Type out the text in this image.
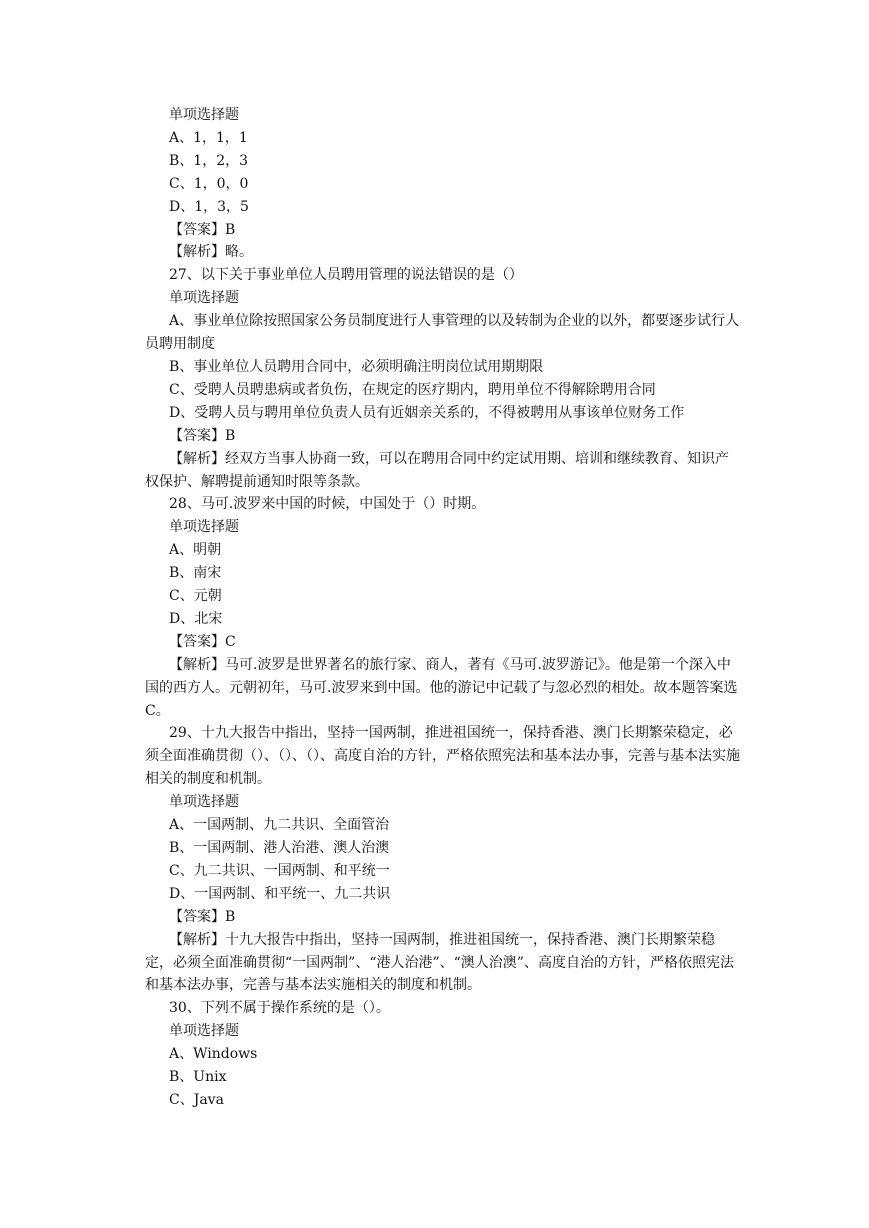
单项选择题

A、1，1，1

B、1，2，3

C、1，0，0

D、1，3，5

【答案】B

【解析】略。

27、以下关于事业单位人员聘用管理的说法错误的是（）

单项选择题

A、事业单位除按照国家公务员制度进行人事管理的以及转制为企业的以外，都要逐步试行人员聘用制度

B、事业单位人员聘用合同中，必须明确注明岗位试用期期限

C、受聘人员聘患病或者负伤，在规定的医疗期内，聘用单位不得解除聘用合同

D、受聘人员与聘用单位负责人员有近姻亲关系的，不得被聘用从事该单位财务工作

【答案】B

【解析】经双方当事人协商一致，可以在聘用合同中约定试用期、培训和继续教育、知识产权保护、解聘提前通知时限等条款。

28、马可.波罗来中国的时候，中国处于（）时期。

单项选择题

A、明朝

B、南宋

C、元朝

D、北宋

【答案】C

【解析】马可.波罗是世界著名的旅行家、商人，著有《马可.波罗游记》。他是第一个深入中国的西方人。元朝初年，马可.波罗来到中国。他的游记中记载了与忽必烈的相处。故本题答案选C。

29、十九大报告中指出，坚持一国两制，推进祖国统一，保持香港、澳门长期繁荣稳定，必须全面准确贯彻（）、（）、（）、高度自治的方针，严格依照宪法和基本法办事，完善与基本法实施相关的制度和机制。

单项选择题

A、一国两制、九二共识、全面管治

B、一国两制、港人治港、澳人治澳

C、九二共识、一国两制、和平统一

D、一国两制、和平统一、九二共识

【答案】B

【解析】十九大报告中指出，坚持一国两制，推进祖国统一，保持香港、澳门长期繁荣稳定，必须全面准确贯彻“一国两制”、“港人治港”、“澳人治澳”、高度自治的方针，严格依照宪法和基本法办事，完善与基本法实施相关的制度和机制。

30、下列不属于操作系统的是（）。

单项选择题

A、Windows

B、Unix

C、Java
